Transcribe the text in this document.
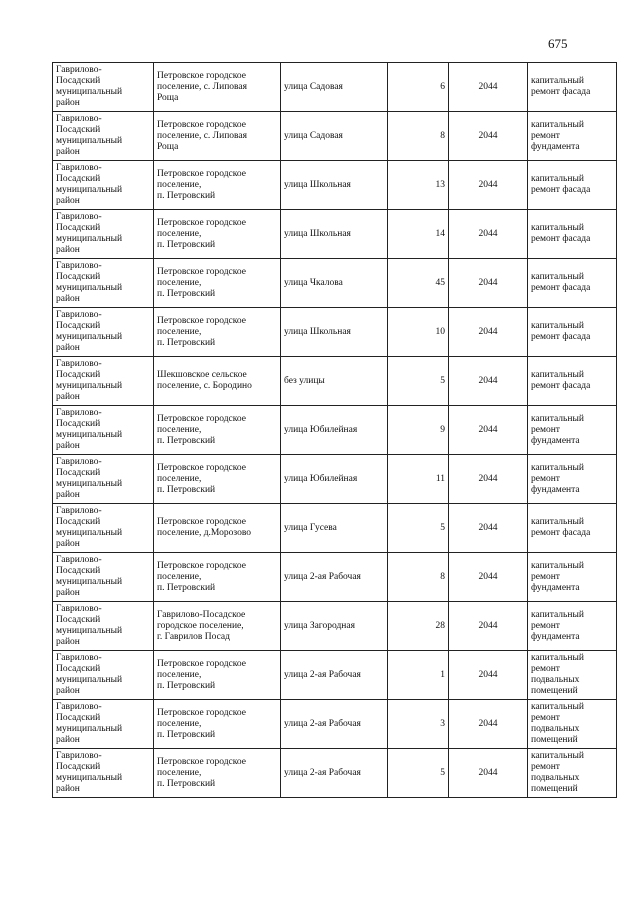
675
Гаврилово-
Посадский
муниципальный
район	Петровское городское
поселение, с. Липовая
Роща	улица Садовая	6	2044	капитальный
ремонт фасада

Гаврилово-
Посадский
муниципальный
район	Петровское городское
поселение, с. Липовая
Роща	улица Садовая	8	2044	капитальный
ремонт
фундамента

Гаврилово-
Посадский
муниципальный
район	Петровское городское
поселение,
п. Петровский	улица Школьная	13	2044	капитальный
ремонт фасада

Гаврилово-
Посадский
муниципальный
район	Петровское городское
поселение,
п. Петровский	улица Школьная	14	2044	капитальный
ремонт фасада

Гаврилово-
Посадский
муниципальный
район	Петровское городское
поселение,
п. Петровский	улица Чкалова	45	2044	капитальный
ремонт фасада

Гаврилово-
Посадский
муниципальный
район	Петровское городское
поселение,
п. Петровский	улица Школьная	10	2044	капитальный
ремонт фасада

Гаврилово-
Посадский
муниципальный
район	Шекшовское сельское
поселение, с. Бородино	без улицы	5	2044	капитальный
ремонт фасада

Гаврилово-
Посадский
муниципальный
район	Петровское городское
поселение,
п. Петровский	улица Юбилейная	9	2044	капитальный
ремонт
фундамента

Гаврилово-
Посадский
муниципальный
район	Петровское городское
поселение,
п. Петровский	улица Юбилейная	11	2044	капитальный
ремонт
фундамента

Гаврилово-
Посадский
муниципальный
район	Петровское городское
поселение, д.Морозово	улица Гусева	5	2044	капитальный
ремонт фасада

Гаврилово-
Посадский
муниципальный
район	Петровское городское
поселение,
п. Петровский	улица 2-ая Рабочая	8	2044	капитальный
ремонт
фундамента

Гаврилово-
Посадский
муниципальный
район	Гаврилово-Посадское
городское поселение,
г. Гаврилов Посад	улица Загородная	28	2044	капитальный
ремонт
фундамента

Гаврилово-
Посадский
муниципальный
район	Петровское городское
поселение,
п. Петровский	улица 2-ая Рабочая	1	2044	капитальный
ремонт
подвальных
помещений

Гаврилово-
Посадский
муниципальный
район	Петровское городское
поселение,
п. Петровский	улица 2-ая Рабочая	3	2044	капитальный
ремонт
подвальных
помещений

Гаврилово-
Посадский
муниципальный
район	Петровское городское
поселение,
п. Петровский	улица 2-ая Рабочая	5	2044	капитальный
ремонт
подвальных
помещений
